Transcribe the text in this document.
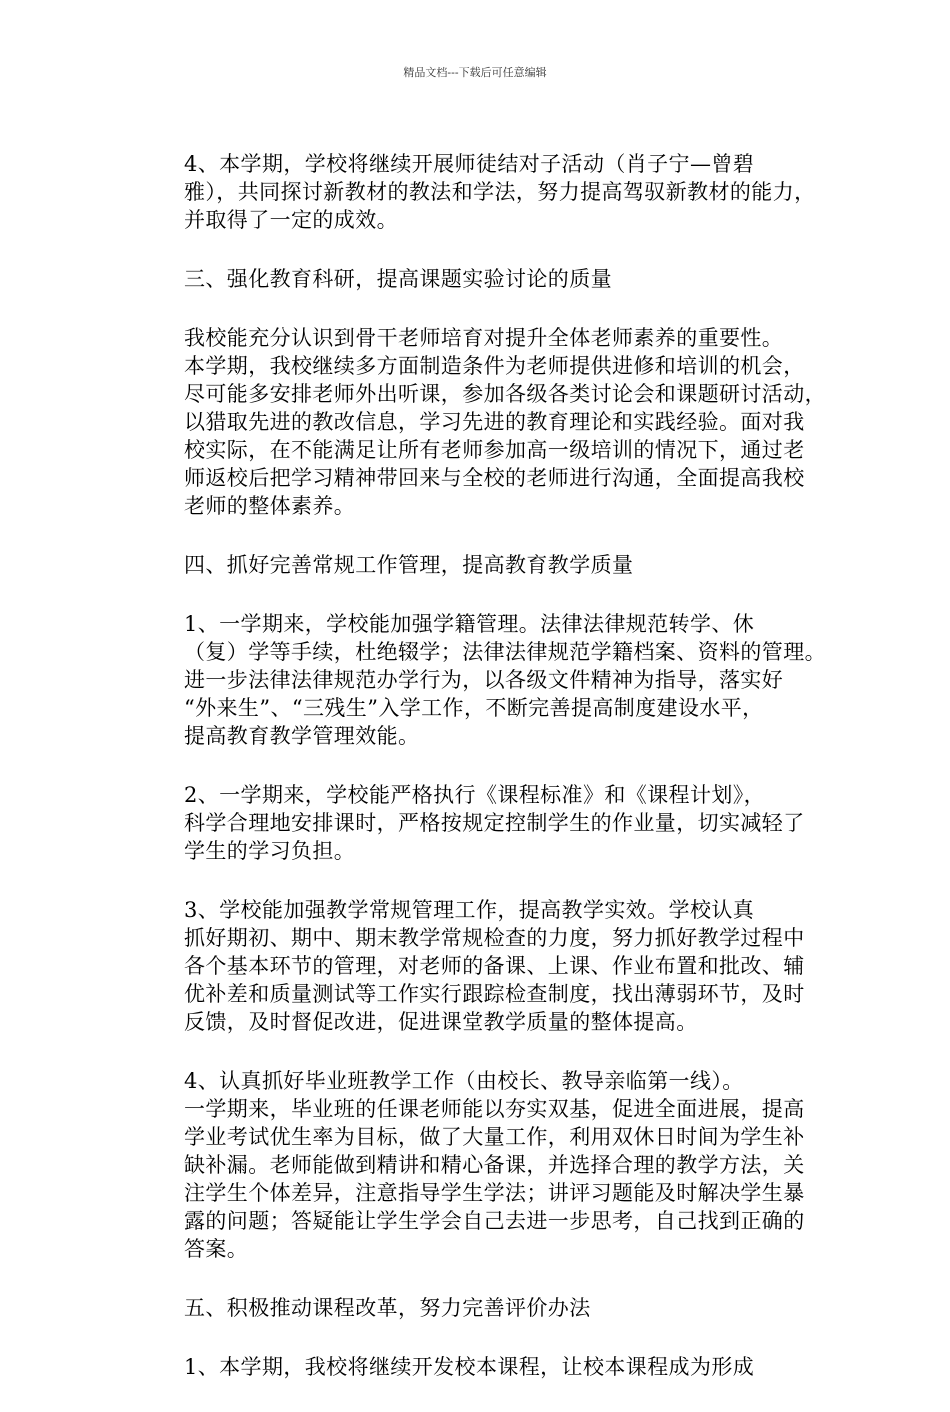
精品文档---下载后可任意编辑

4、本学期，学校将继续开展师徒结对子活动（肖子宁—曾碧
雅），共同探讨新教材的教法和学法，努力提高驾驭新教材的能力，
并取得了一定的成效。

三、强化教育科研，提高课题实验讨论的质量

我校能充分认识到骨干老师培育对提升全体老师素养的重要性。
本学期，我校继续多方面制造条件为老师提供进修和培训的机会，
尽可能多安排老师外出听课，参加各级各类讨论会和课题研讨活动，
以猎取先进的教改信息，学习先进的教育理论和实践经验。面对我
校实际，在不能满足让所有老师参加高一级培训的情况下，通过老
师返校后把学习精神带回来与全校的老师进行沟通，全面提高我校
老师的整体素养。

四、抓好完善常规工作管理，提高教育教学质量

1、一学期来，学校能加强学籍管理。法律法律规范转学、休
（复）学等手续，杜绝辍学；法律法律规范学籍档案、资料的管理。
进一步法律法律规范办学行为，以各级文件精神为指导，落实好
“外来生”、“三残生”入学工作，不断完善提高制度建设水平，
提高教育教学管理效能。

2、一学期来，学校能严格执行《课程标准》和《课程计划》，
科学合理地安排课时，严格按规定控制学生的作业量，切实减轻了
学生的学习负担。

3、学校能加强教学常规管理工作，提高教学实效。学校认真
抓好期初、期中、期末教学常规检查的力度，努力抓好教学过程中
各个基本环节的管理，对老师的备课、上课、作业布置和批改、辅
优补差和质量测试等工作实行跟踪检查制度，找出薄弱环节，及时
反馈，及时督促改进，促进课堂教学质量的整体提高。

4、认真抓好毕业班教学工作（由校长、教导亲临第一线）。
一学期来，毕业班的任课老师能以夯实双基，促进全面进展，提高
学业考试优生率为目标，做了大量工作，利用双休日时间为学生补
缺补漏。老师能做到精讲和精心备课，并选择合理的教学方法，关
注学生个体差异，注意指导学生学法；讲评习题能及时解决学生暴
露的问题；答疑能让学生学会自己去进一步思考，自己找到正确的
答案。

五、积极推动课程改革，努力完善评价办法

1、本学期，我校将继续开发校本课程，让校本课程成为形成
